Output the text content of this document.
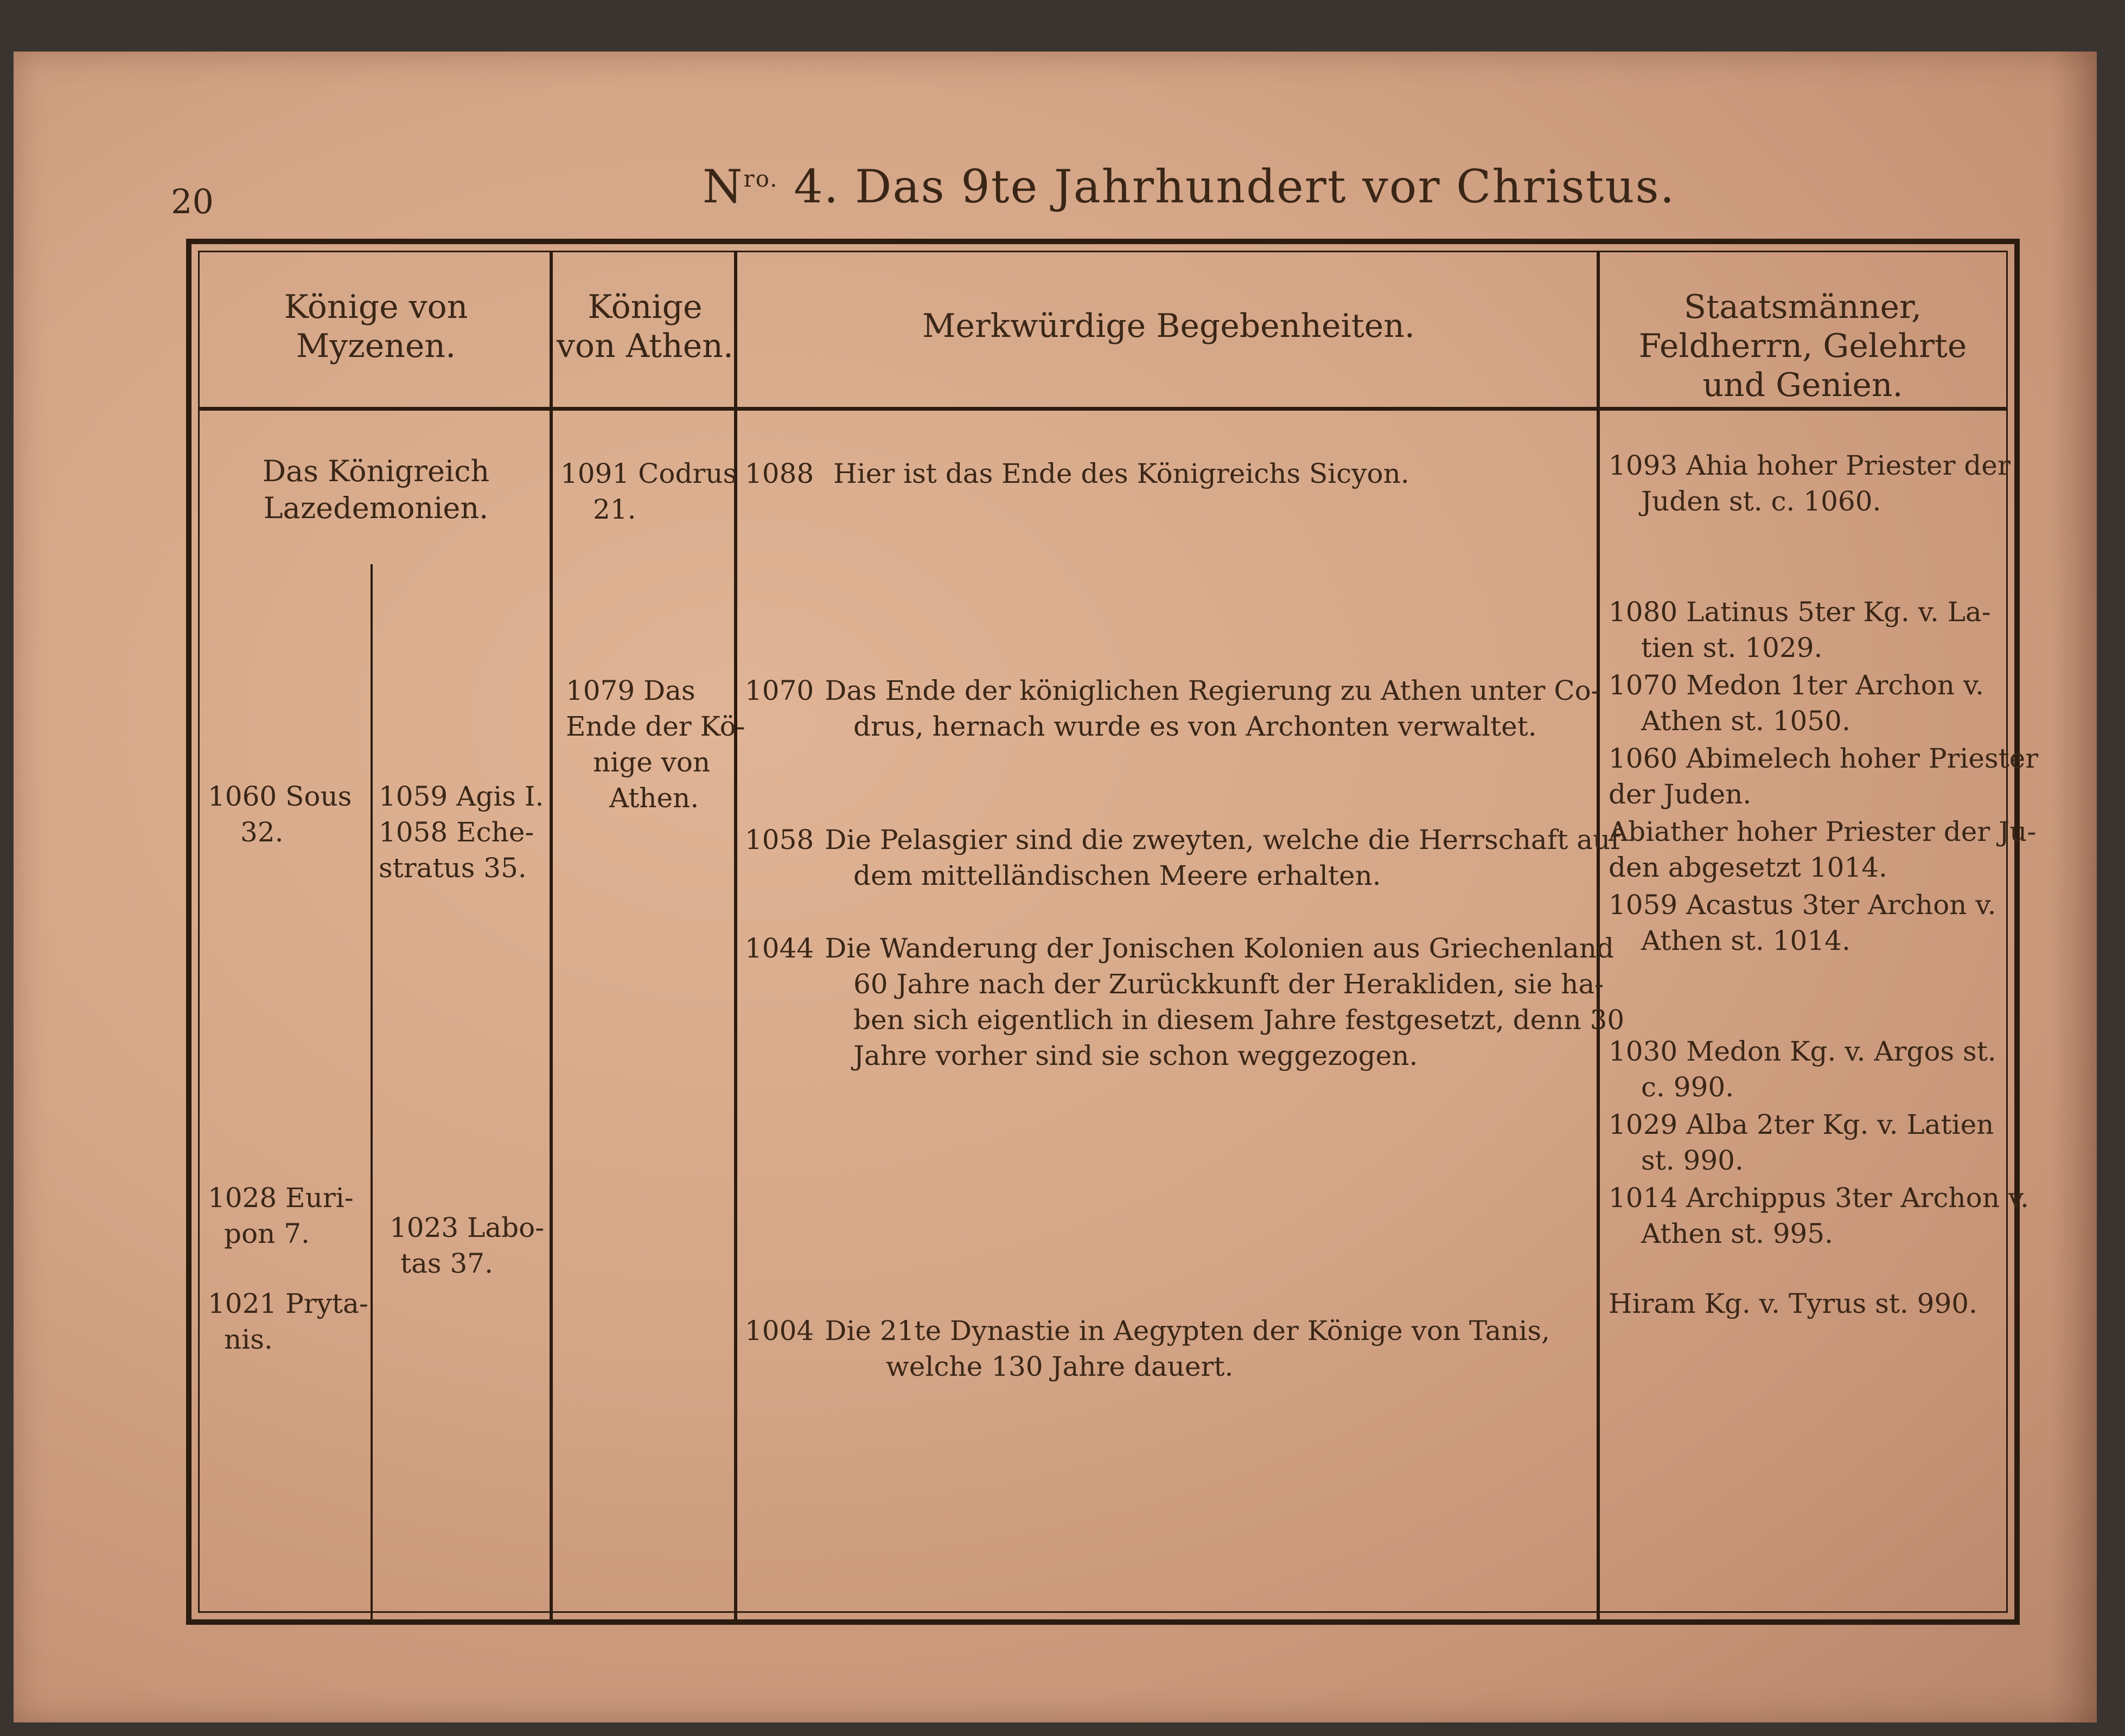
20	$N^{ro.}$ 4. Das 9te Jahrhundert vor Christus.
Könige von Myzenen.
Könige von Athen.
Merkwürdige Begebenheiten.	Staatsmänner, Feldherrn, Gelehrte und Genien.
Das Königreich Lazedemonien.
1060 Sous
32.
1028 Euri-
pon 7.
1021 Pryta-
nis.
1059 Agis I.
1058 Eche-
stratus 35.
1023 Labo-
tas 37.
1091 Codrus
21.
1079 Das
Ende der Kö-
nige von
Athen.
1088 Hier ist das Ende des Königreichs Sicyon.
1070 Das Ende der königlichen Regierung zu Athen unter Co-
drus, hernach wurde es von Archonten verwaltet.
1058 Die Pelasgier sind die zweyten, welche die Herrschaft auf
dem mittelländischen Meere erhalten.
1044 Die Wanderung der Jonischen Kolonien aus Griechenland
60 Jahre nach der Zurückkunft der Herakliden, sie ha-
ben sich eigentlich in diesem Jahre festgesetzt, denn 30
Jahre vorher sind sie schon weggezogen.
1004 Die 21te Dynastie in Aegypten der Könige von Tanis,
welche 130 Jahre dauert.
1093 Ahia hoher Priester der
Juden st. c. 1060.
1080 Latinus 5ter Kg. v. La-
tien st. 1029.
1070 Medon 1ter Archon v.
Athen st. 1050.
1060 Abimelech hoher Priester
der Juden.
Abiather hoher Priester der Ju-
den abgesetzt 1014.
1059 Acastus 3ter Archon v.
Athen st. 1014.
1030 Medon Kg. v. Argos st.
c. 990.
1029 Alba 2ter Kg. v. Latien
st. 990.
1014 Archippus 3ter Archon v.
Athen st. 995.
Hiram Kg. v. Tyrus st. 990.
